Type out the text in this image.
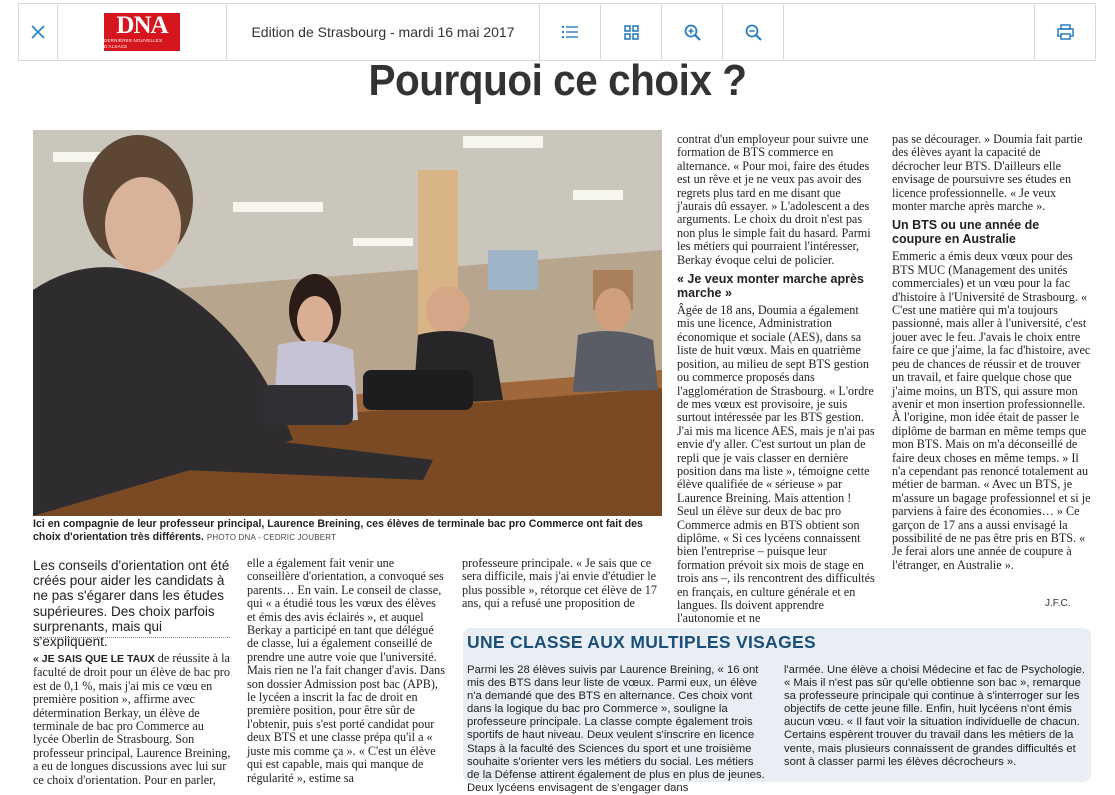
DNA
DERNIÈRES NOUVELLES D'ALSACE
Edition de Strasbourg - mardi 16 mai 2017
Pourquoi ce choix ?
Ici en compagnie de leur professeur principal, Laurence Breining, ces élèves de terminale bac pro Commerce ont fait des choix d'orientation très différents. PHOTO DNA - CEDRIC JOUBERT
Les conseils d'orientation ont été créés pour aider les candidats à ne pas s'égarer dans les études supérieures. Des choix parfois surprenants, mais qui s'expliquent.

« JE SAIS QUE LE TAUX de réussite à la faculté de droit pour un élève de bac pro est de 0,1 %, mais j'ai mis ce vœu en première position », affirme avec détermination Berkay, un élève de terminale de bac pro Commerce au lycée Oberlin de Strasbourg. Son professeur principal, Laurence Breining, a eu de longues discussions avec lui sur ce choix d'orientation. Pour en parler,

elle a également fait venir une conseillère d'orientation, a convoqué ses parents… En vain. Le conseil de classe, qui « a étudié tous les vœux des élèves et émis des avis éclairés », et auquel Berkay a participé en tant que délégué de classe, lui a également conseillé de prendre une autre voie que l'université. Mais rien ne l'a fait changer d'avis. Dans son dossier Admission post bac (APB), le lycéen a inscrit la fac de droit en première position, pour être sûr de l'obtenir, puis s'est porté candidat pour deux BTS et une classe prépa qu'il a « juste mis comme ça ». « C'est un élève qui est capable, mais qui manque de régularité », estime sa

professeure principale. « Je sais que ce sera difficile, mais j'ai envie d'étudier le plus possible », rétorque cet élève de 17 ans, qui a refusé une proposition de

contrat d'un employeur pour suivre une formation de BTS commerce en alternance. « Pour moi, faire des études est un rêve et je ne veux pas avoir des regrets plus tard en me disant que j'aurais dû essayer. » L'adolescent a des arguments. Le choix du droit n'est pas non plus le simple fait du hasard. Parmi les métiers qui pourraient l'intéresser, Berkay évoque celui de policier.

« Je veux monter marche après marche »

Âgée de 18 ans, Doumia a également mis une licence, Administration économique et sociale (AES), dans sa liste de huit vœux. Mais en quatrième position, au milieu de sept BTS gestion ou commerce proposés dans l'agglomération de Strasbourg. « L'ordre de mes vœux est provisoire, je suis surtout intéressée par les BTS gestion. J'ai mis ma licence AES, mais je n'ai pas envie d'y aller. C'est surtout un plan de repli que je vais classer en dernière position dans ma liste », témoigne cette élève qualifiée de « sérieuse » par Laurence Breining. Mais attention ! Seul un élève sur deux de bac pro Commerce admis en BTS obtient son diplôme. « Si ces lycéens connaissent bien l'entreprise – puisque leur formation prévoit six mois de stage en trois ans –, ils rencontrent des difficultés en français, en culture générale et en langues. Ils doivent apprendre l'autonomie et ne

pas se décourager. » Doumia fait partie des élèves ayant la capacité de décrocher leur BTS. D'ailleurs elle envisage de poursuivre ses études en licence professionnelle. « Je veux monter marche après marche ».

Un BTS ou une année de coupure en Australie

Emmeric a émis deux vœux pour des BTS MUC (Management des unités commerciales) et un vœu pour la fac d'histoire à l'Université de Strasbourg. « C'est une matière qui m'a toujours passionné, mais aller à l'université, c'est jouer avec le feu. J'avais le choix entre faire ce que j'aime, la fac d'histoire, avec peu de chances de réussir et de trouver un travail, et faire quelque chose que j'aime moins, un BTS, qui assure mon avenir et mon insertion professionnelle. À l'origine, mon idée était de passer le diplôme de barman en même temps que mon BTS. Mais on m'a déconseillé de faire deux choses en même temps. » Il n'a cependant pas renoncé totalement au métier de barman. « Avec un BTS, je m'assure un bagage professionnel et si je parviens à faire des économies… » Ce garçon de 17 ans a aussi envisagé la possibilité de ne pas être pris en BTS. « Je ferai alors une année de coupure à l'étranger, en Australie ».

J.F.C.
UNE CLASSE AUX MULTIPLES VISAGES

Parmi les 28 élèves suivis par Laurence Breining, « 16 ont mis des BTS dans leur liste de vœux. Parmi eux, un élève n'a demandé que des BTS en alternance. Ces choix vont dans la logique du bac pro Commerce », souligne la professeure principale. La classe compte également trois sportifs de haut niveau. Deux veulent s'inscrire en licence Staps à la faculté des Sciences du sport et une troisième souhaite s'orienter vers les métiers du social. Les métiers de la Défense attirent également de plus en plus de jeunes. Deux lycéens envisagent de s'engager dans

l'armée. Une élève a choisi Médecine et fac de Psychologie. « Mais il n'est pas sûr qu'elle obtienne son bac », remarque sa professeure principale qui continue à s'interroger sur les objectifs de cette jeune fille. Enfin, huit lycéens n'ont émis aucun vœu. « Il faut voir la situation individuelle de chacun. Certains espèrent trouver du travail dans les métiers de la vente, mais plusieurs connaissent de grandes difficultés et sont à classer parmi les élèves décrocheurs ».
